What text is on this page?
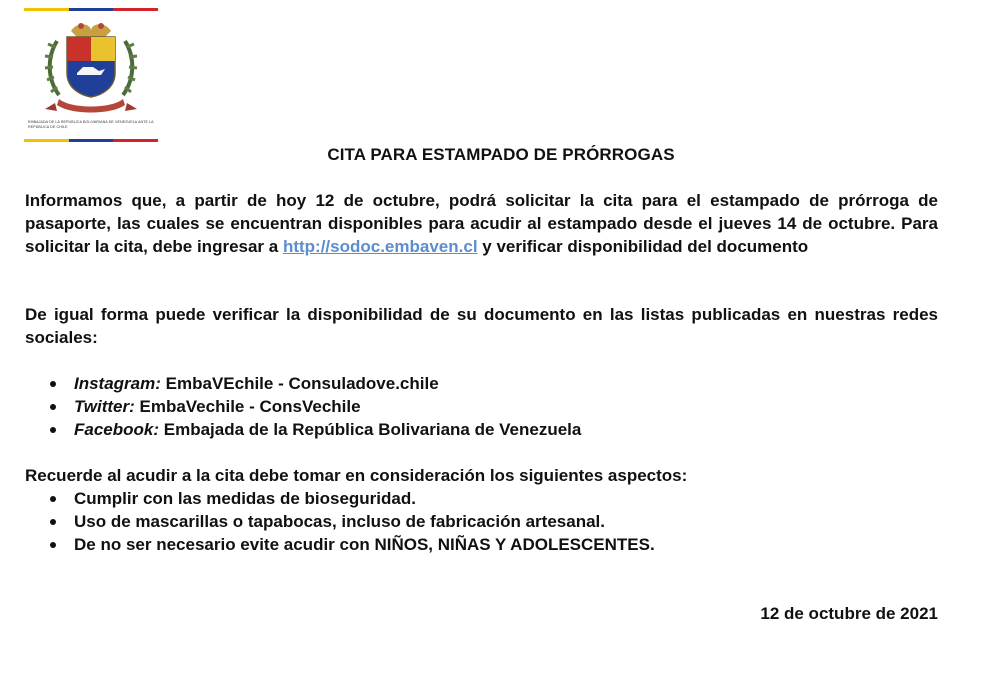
EMBAJADA DE LA REPÚBLICA BOLIVARIANA DE VENEZUELA ANTE LA REPÚBLICA DE CHILE
CITA PARA ESTAMPADO DE PRÓRROGAS

Informamos que, a partir de hoy 12 de octubre, podrá solicitar la cita para el estampado de prórroga de pasaporte, las cuales se encuentran disponibles para acudir al estampado desde el jueves 14 de octubre. Para solicitar la cita, debe ingresar a http://sodoc.embaven.cl y verificar disponibilidad del documento

De igual forma puede verificar la disponibilidad de su documento en las listas publicadas en nuestras redes sociales:

Instagram: EmbaVEchile - Consuladove.chile
Twitter: EmbaVechile - ConsVechile
Facebook: Embajada de la República Bolivariana de Venezuela

Recuerde al acudir a la cita debe tomar en consideración los siguientes aspectos:

Cumplir con las medidas de bioseguridad.
Uso de mascarillas o tapabocas, incluso de fabricación artesanal.
De no ser necesario evite acudir con NIÑOS, NIÑAS Y ADOLESCENTES.
12 de octubre de 2021
